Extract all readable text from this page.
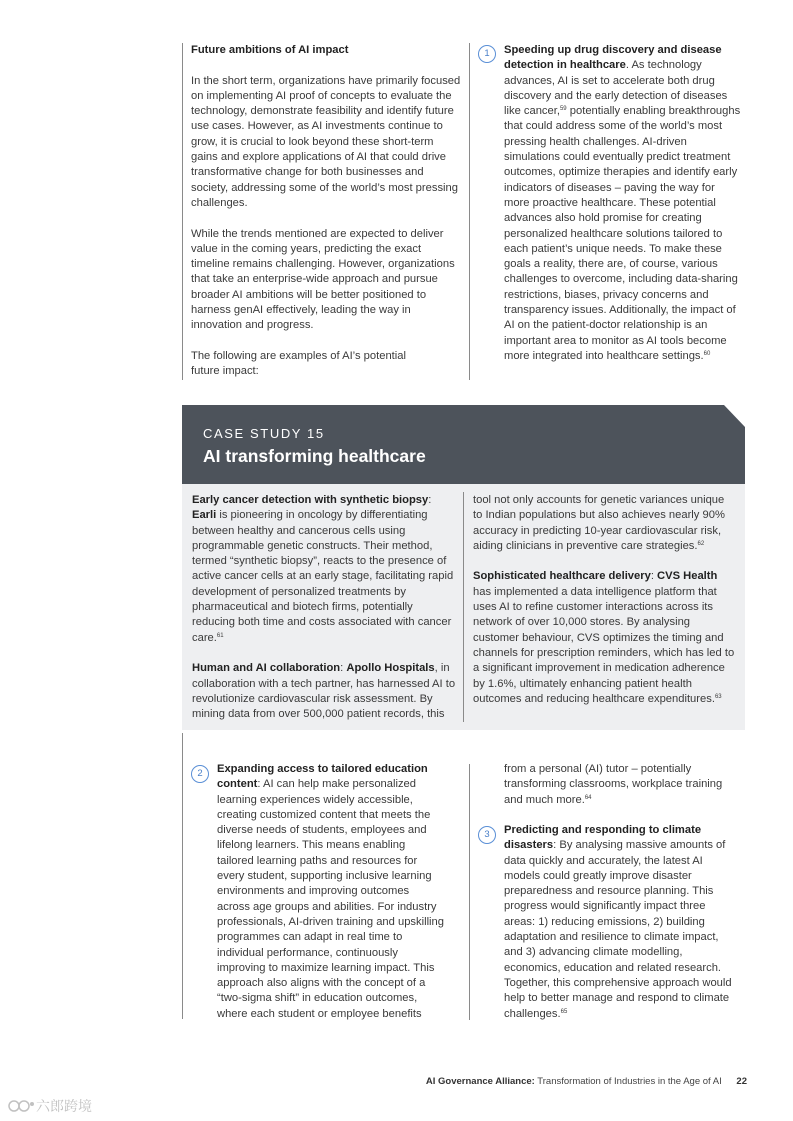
Future ambitions of AI impact

In the short term, organizations have primarily focused on implementing AI proof of concepts to evaluate the technology, demonstrate feasibility and identify future use cases. However, as AI investments continue to grow, it is crucial to look beyond these short-term gains and explore applications of AI that could drive transformative change for both businesses and society, addressing some of the world’s most pressing challenges.

While the trends mentioned are expected to deliver value in the coming years, predicting the exact timeline remains challenging. However, organizations that take an enterprise-wide approach and pursue broader AI ambitions will be better positioned to harness genAI effectively, leading the way in innovation and progress.

The following are examples of AI’s potential future impact:

1	Speeding up drug discovery and disease detection in healthcare. As technology advances, AI is set to accelerate both drug discovery and the early detection of diseases like cancer,$^{59}$ potentially enabling breakthroughs that could address some of the world’s most pressing health challenges. AI-driven simulations could eventually predict treatment outcomes, optimize therapies and identify early indicators of diseases – paving the way for more proactive healthcare. These potential advances also hold promise for creating personalized healthcare solutions tailored to each patient’s unique needs. To make these goals a reality, there are, of course, various challenges to overcome, including data-sharing restrictions, biases, privacy concerns and transparency issues. Additionally, the impact of AI on the patient-doctor relationship is an important area to monitor as AI tools become more integrated into healthcare settings.$^{60}$

CASE STUDY 15
AI transforming healthcare

Early cancer detection with synthetic biopsy: Earli is pioneering in oncology by differentiating between healthy and cancerous cells using programmable genetic constructs. Their method, termed “synthetic biopsy”, reacts to the presence of active cancer cells at an early stage, facilitating rapid development of personalized treatments by pharmaceutical and biotech firms, potentially reducing both time and costs associated with cancer care.$^{61}$

Human and AI collaboration: Apollo Hospitals, in collaboration with a tech partner, has harnessed AI to revolutionize cardiovascular risk assessment. By mining data from over 500,000 patient records, this

tool not only accounts for genetic variances unique to Indian populations but also achieves nearly 90% accuracy in predicting 10-year cardiovascular risk, aiding clinicians in preventive care strategies.$^{62}$

Sophisticated healthcare delivery: CVS Health has implemented a data intelligence platform that uses AI to refine customer interactions across its network of over 10,000 stores. By analysing customer behaviour, CVS optimizes the timing and channels for prescription reminders, which has led to a significant improvement in medication adherence by 1.6%, ultimately enhancing patient health outcomes and reducing healthcare expenditures.$^{63}$

2	Expanding access to tailored education content: AI can help make personalized learning experiences widely accessible, creating customized content that meets the diverse needs of students, employees and lifelong learners. This means enabling tailored learning paths and resources for every student, supporting inclusive learning environments and improving outcomes across age groups and abilities. For industry professionals, AI-driven training and upskilling programmes can adapt in real time to individual performance, continuously improving to maximize learning impact. This approach also aligns with the concept of a “two-sigma shift” in education outcomes, where each student or employee benefits

from a personal (AI) tutor – potentially transforming classrooms, workplace training and much more.$^{64}$

3	Predicting and responding to climate disasters: By analysing massive amounts of data quickly and accurately, the latest AI models could greatly improve disaster preparedness and resource planning. This progress would significantly impact three areas: 1) reducing emissions, 2) building adaptation and resilience to climate impact, and 3) advancing climate modelling, economics, education and related research. Together, this comprehensive approach would help to better manage and respond to climate challenges.$^{65}$

AI Governance Alliance: Transformation of Industries in the Age of AI 22
六郎跨境
